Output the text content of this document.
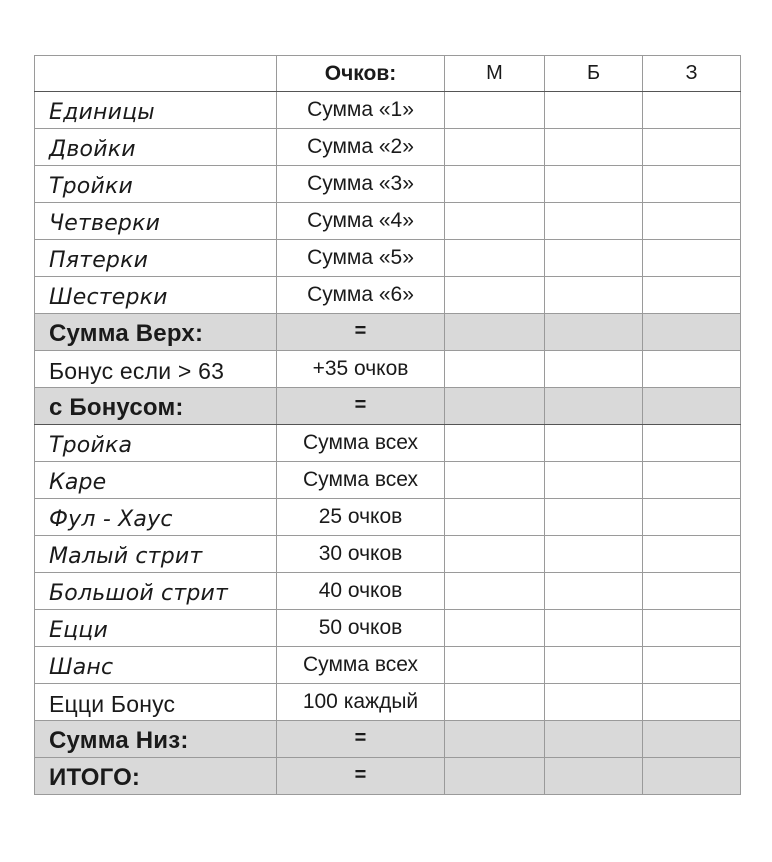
	Очков:	М	Б	З
Единицы	Сумма «1»			
Двойки	Сумма «2»			
Тройки	Сумма «3»			
Четверки	Сумма «4»			
Пятерки	Сумма «5»			
Шестерки	Сумма «6»			
Сумма Верх:	=			
Бонус если > 63	+35 очков			
с Бонусом:	=			
Тройка	Сумма всех			
Каре	Сумма всех			
Фул - Хаус	25 очков			
Малый стрит	30 очков			
Большой стрит	40 очков			
Ецци	50 очков			
Шанс	Сумма всех			
Ецци Бонус	100 каждый			
Сумма Низ:	=			
ИТОГО:	=			
